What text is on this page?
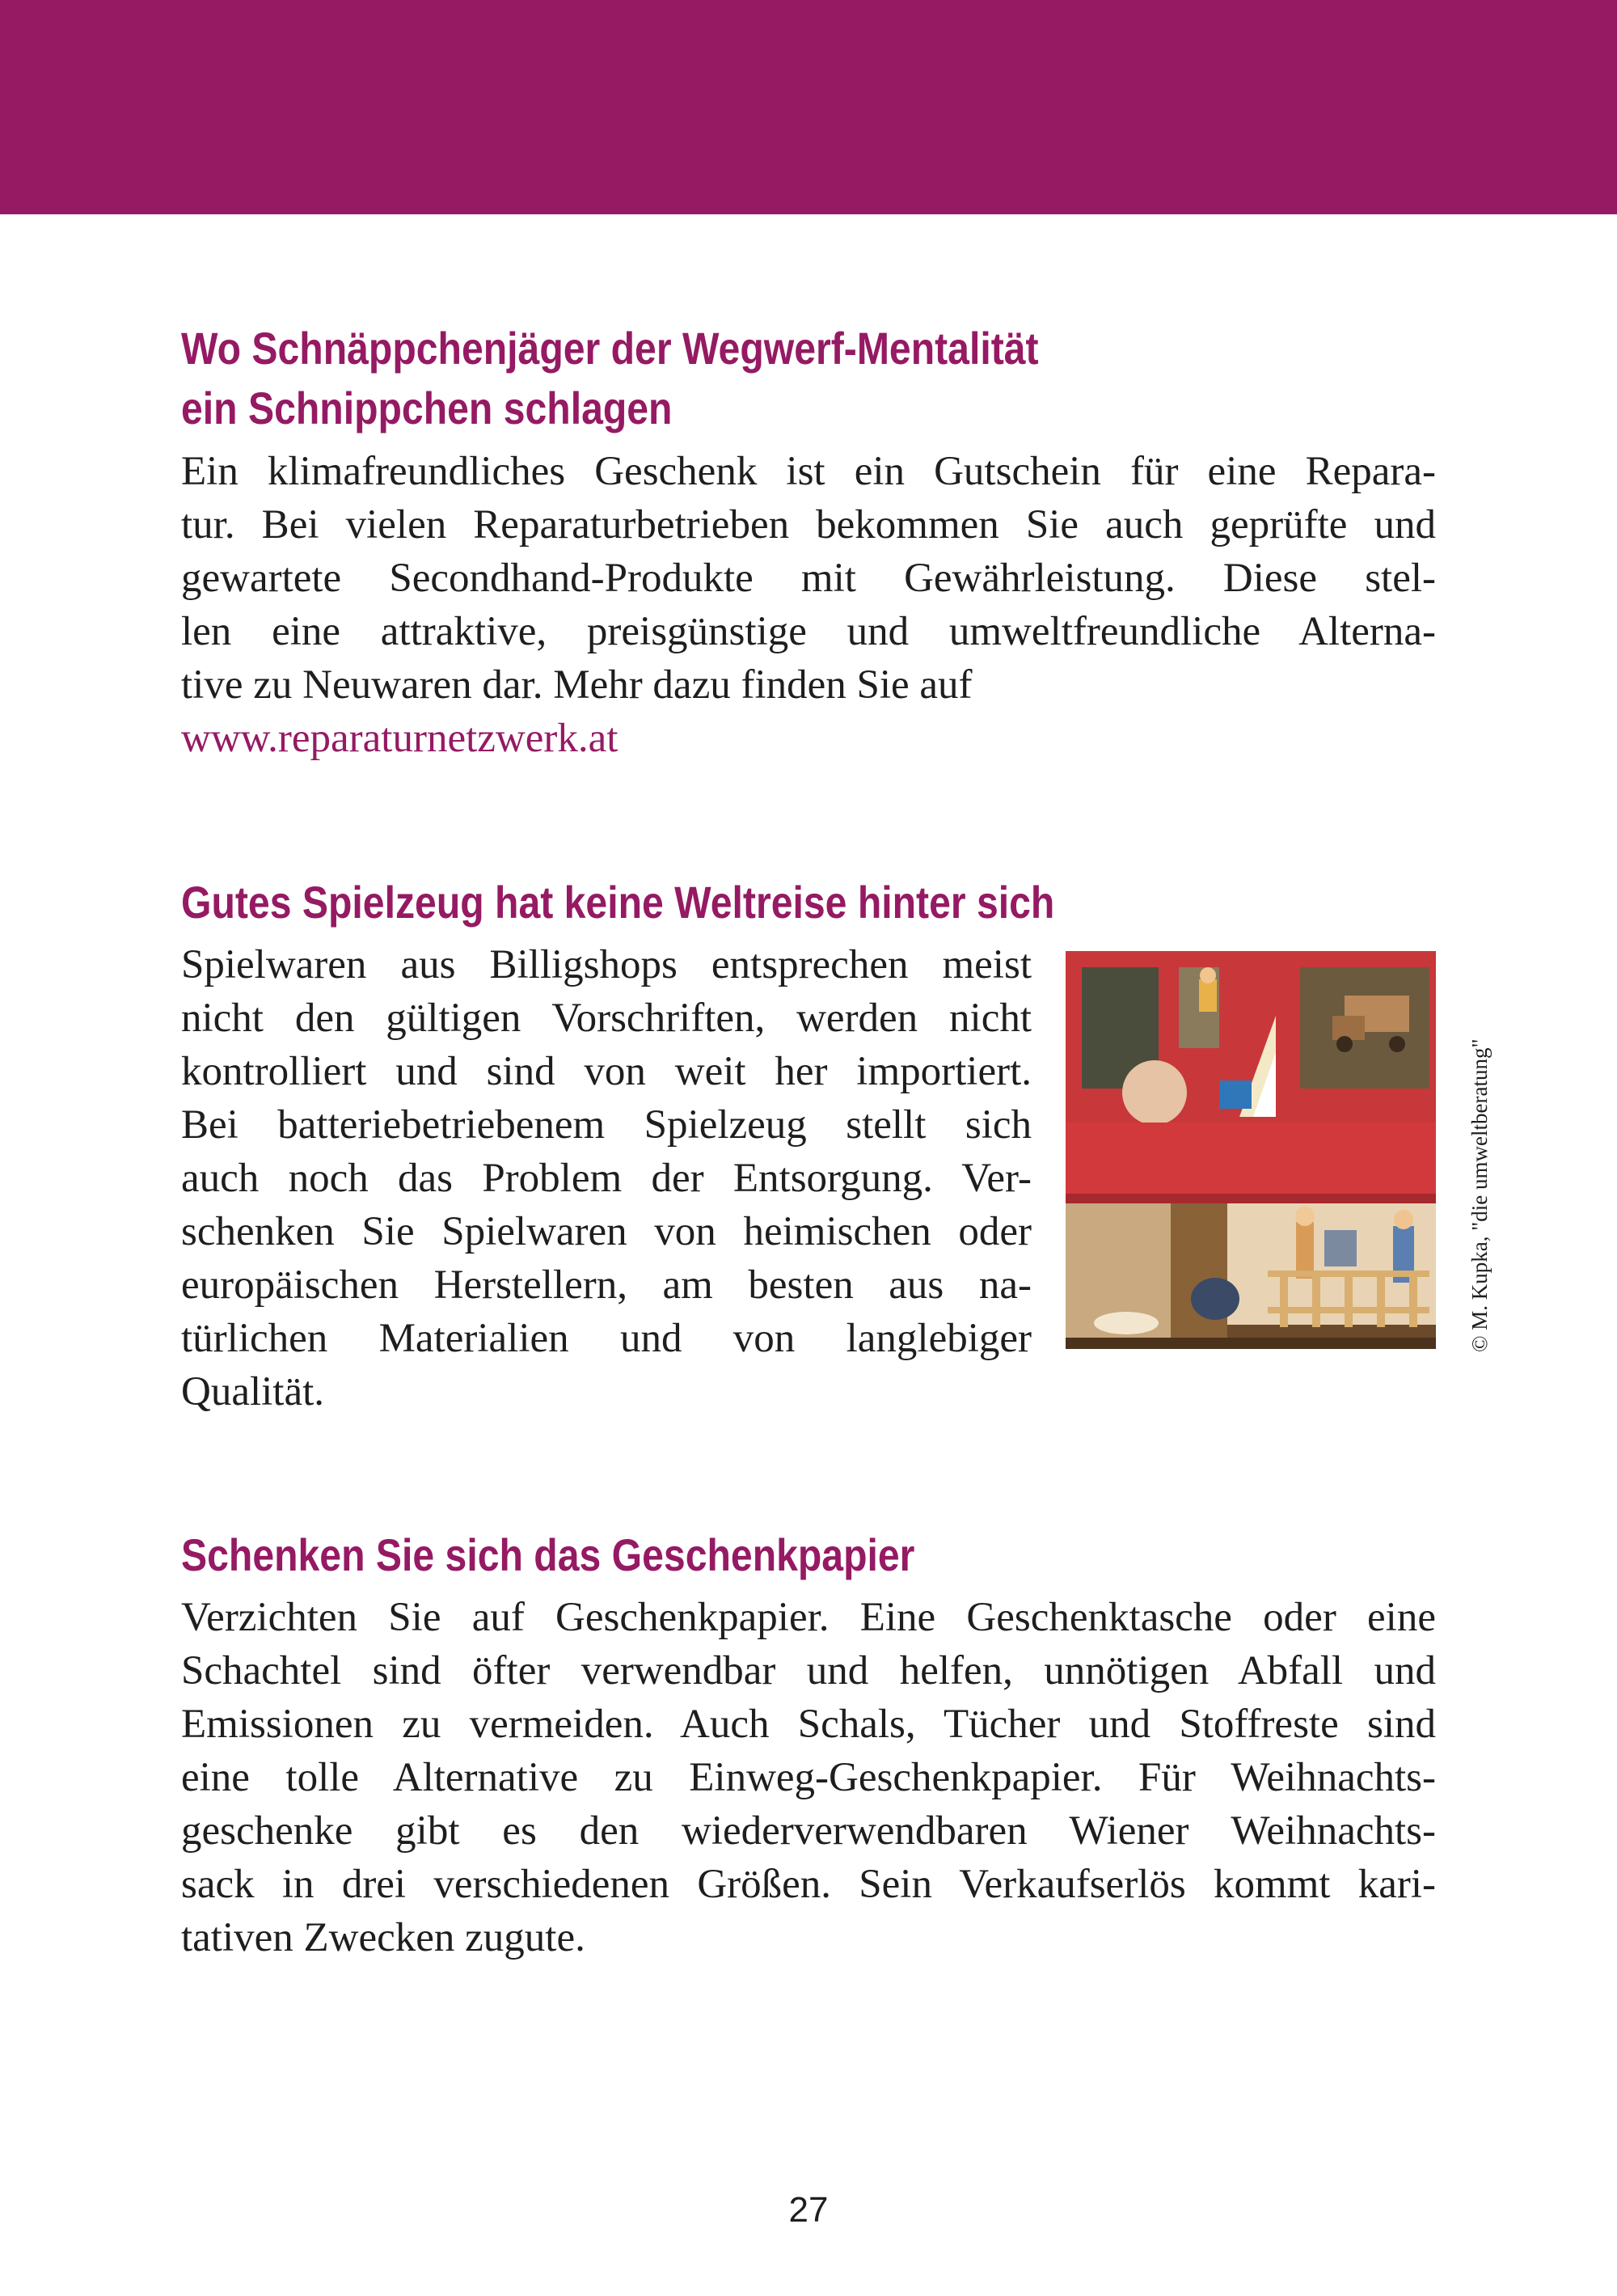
Wo Schnäppchenjäger der Wegwerf-Mentalität
ein Schnippchen schlagen
Ein klimafreundliches Geschenk ist ein Gutschein für eine Repara-
tur. Bei vielen Reparaturbetrieben bekommen Sie auch geprüfte und
gewartete Secondhand-Produkte mit Gewährleistung. Diese stel-
len eine attraktive, preisgünstige und umweltfreundliche Alterna-
tive zu Neuwaren dar. Mehr dazu finden Sie auf
www.reparaturnetzwerk.at
Gutes Spielzeug hat keine Weltreise hinter sich
Spielwaren aus Billigshops entsprechen meist
nicht den gültigen Vorschriften, werden nicht
kontrolliert und sind von weit her importiert.
Bei batteriebetriebenem Spielzeug stellt sich
auch noch das Problem der Entsorgung. Ver-
schenken Sie Spielwaren von heimischen oder
europäischen Herstellern, am besten aus na-
türlichen Materialien und von langlebiger
Qualität.
© M. Kupka, "die umweltberatung"
Schenken Sie sich das Geschenkpapier
Verzichten Sie auf Geschenkpapier. Eine Geschenktasche oder eine
Schachtel sind öfter verwendbar und helfen, unnötigen Abfall und
Emissionen zu vermeiden. Auch Schals, Tücher und Stoffreste sind
eine tolle Alternative zu Einweg-Geschenkpapier. Für Weihnachts-
geschenke gibt es den wiederverwendbaren Wiener Weihnachts-
sack in drei verschiedenen Größen. Sein Verkaufserlös kommt kari-
tativen Zwecken zugute.
27
